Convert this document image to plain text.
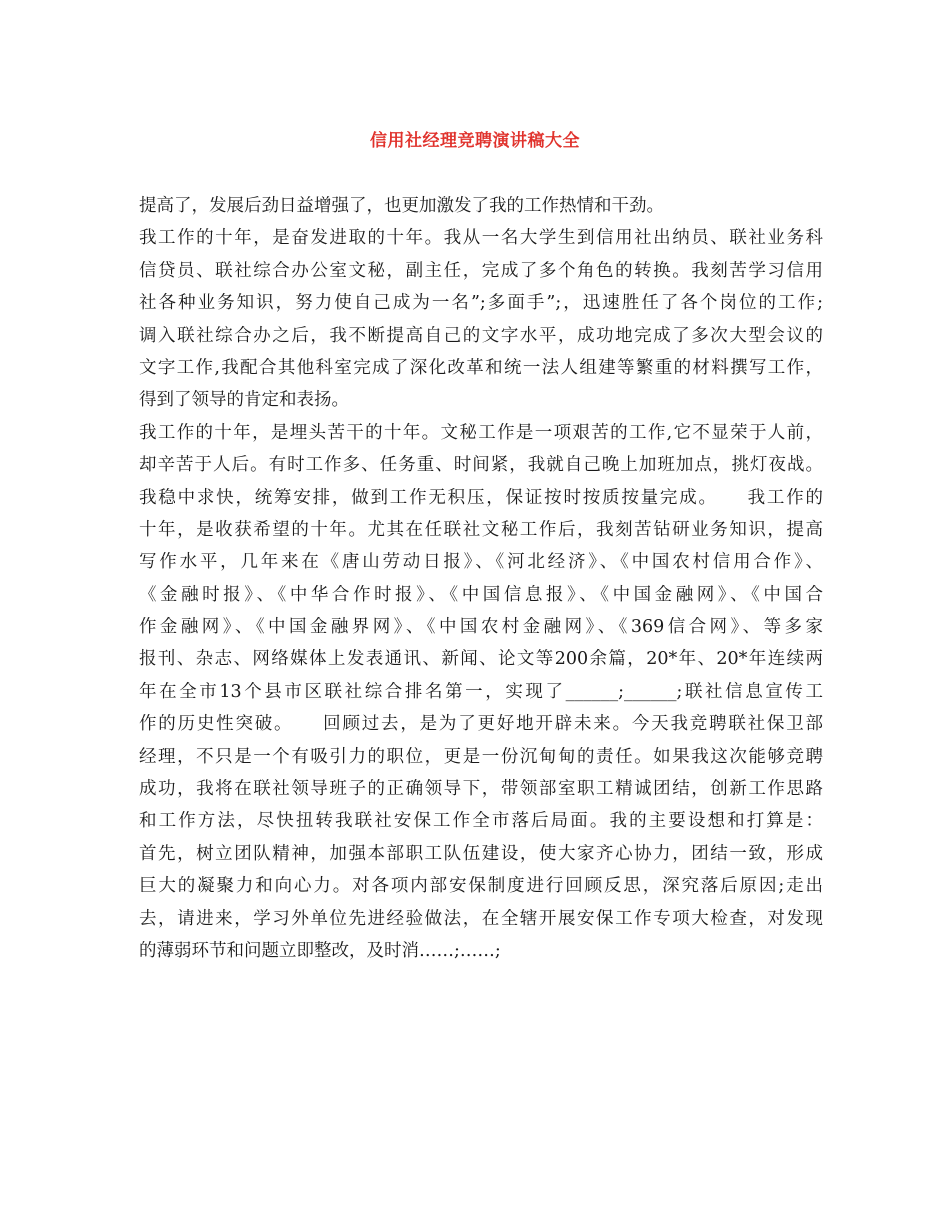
信用社经理竞聘演讲稿大全
提高了，发展后劲日益增强了，也更加激发了我的工作热情和干劲。
我工作的十年，是奋发进取的十年。我从一名大学生到信用社出纳员、联社业务科
信贷员、联社综合办公室文秘，副主任，完成了多个角色的转换。我刻苦学习信用
社各种业务知识，努力使自己成为一名”;多面手”;，迅速胜任了各个岗位的工作;
调入联社综合办之后，我不断提高自己的文字水平，成功地完成了多次大型会议的
文字工作,我配合其他科室完成了深化改革和统一法人组建等繁重的材料撰写工作，
得到了领导的肯定和表扬。
我工作的十年，是埋头苦干的十年。文秘工作是一项艰苦的工作,它不显荣于人前，
却辛苦于人后。有时工作多、任务重、时间紧，我就自己晚上加班加点，挑灯夜战。
我稳中求快，统筹安排，做到工作无积压，保证按时按质按量完成。　　我工作的
十年，是收获希望的十年。尤其在任联社文秘工作后，我刻苦钻研业务知识，提高
写作水平，几年来在《唐山劳动日报》、《河北经济》、《中国农村信用合作》、
《金融时报》、《中华合作时报》、《中国信息报》、《中国金融网》、《中国合
作金融网》、《中国金融界网》、《中国农村金融网》、《369信合网》、等多家
报刊、杂志、网络媒体上发表通讯、新闻、论文等200余篇，20*年、20*年连续两
年在全市13个县市区联社综合排名第一，实现了______;______;联社信息宣传工
作的历史性突破。　　回顾过去，是为了更好地开辟未来。今天我竞聘联社保卫部
经理，不只是一个有吸引力的职位，更是一份沉甸甸的责任。如果我这次能够竞聘
成功，我将在联社领导班子的正确领导下，带领部室职工精诚团结，创新工作思路
和工作方法，尽快扭转我联社安保工作全市落后局面。我的主要设想和打算是：
首先，树立团队精神，加强本部职工队伍建设，使大家齐心协力，团结一致，形成
巨大的凝聚力和向心力。对各项内部安保制度进行回顾反思，深究落后原因;走出
去，请进来，学习外单位先进经验做法，在全辖开展安保工作专项大检查，对发现
的薄弱环节和问题立即整改，及时消……;……;
